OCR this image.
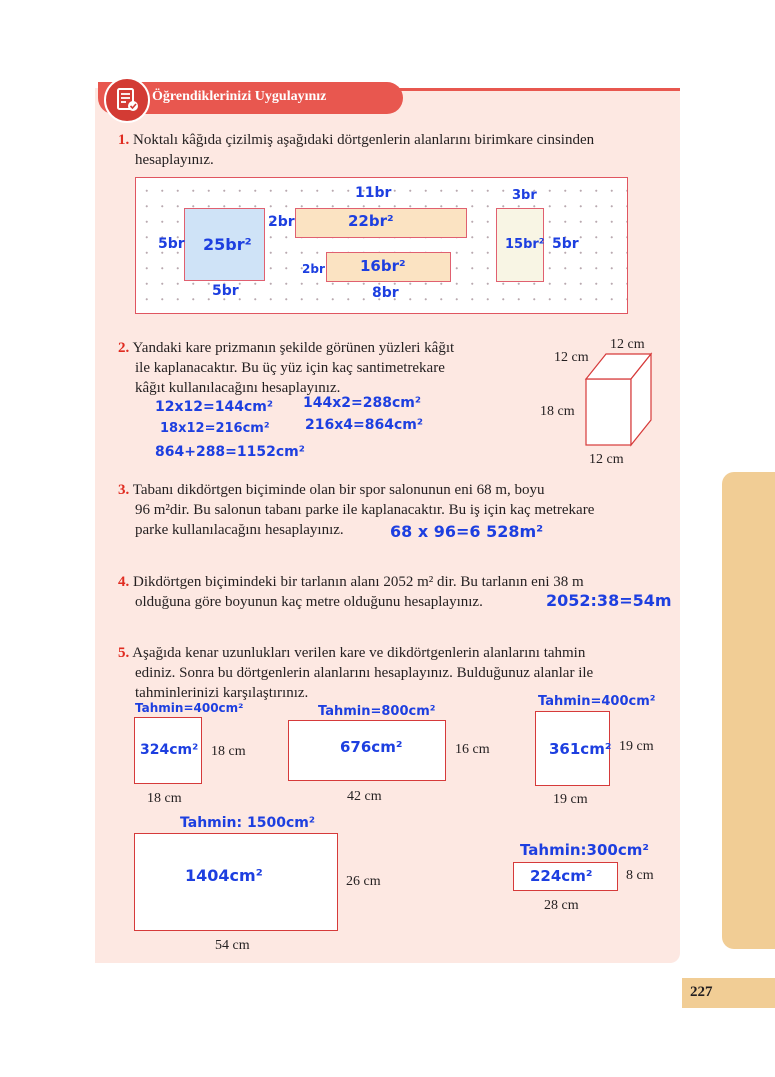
227
Öğrendiklerinizi Uygulayınız
1. Noktalı kâğıda çizilmiş aşağıdaki dörtgenlerin alanlarını birimkare cinsinden
hesaplayınız.
5br 25br²
5br
11br
2br	22br²
2br 16br²
8br
3br
15br² 5br
2. Yandaki kare prizmanın şekilde görünen yüzleri kâğıt
ile kaplanacaktır. Bu üç yüz için kaç santimetrekare
kâğıt kullanılacağını hesaplayınız.
12 cm
12 cm
18 cm
12 cm
12x12=144cm² 144x2=288cm²
18x12=216cm²	216x4=864cm²
864+288=1152cm²
3. Tabanı dikdörtgen biçiminde olan bir spor salonunun eni 68 m, boyu
96 m²dir. Bu salonun tabanı parke ile kaplanacaktır. Bu iş için kaç metrekare
parke kullanılacağını hesaplayınız.	68 x 96=6 528m²
4. Dikdörtgen biçimindeki bir tarlanın alanı 2052 m² dir. Bu tarlanın eni 38 m
olduğuna göre boyunun kaç metre olduğunu hesaplayınız.	2052:38=54m
5. Aşağıda kenar uzunlukları verilen kare ve dikdörtgenlerin alanlarını tahmin
ediniz. Sonra bu dörtgenlerin alanlarını hesaplayınız. Bulduğunuz alanlar ile
tahminlerinizi karşılaştırınız.
Tahmin=400cm²
324cm² 18 cm
18 cm
Tahmin=800cm²
676cm²	16 cm
42 cm
Tahmin=400cm²
361cm² 19 cm
19 cm
Tahmin: 1500cm²
1404cm²	26 cm
54 cm
Tahmin:300cm²
224cm² 8 cm
28 cm
